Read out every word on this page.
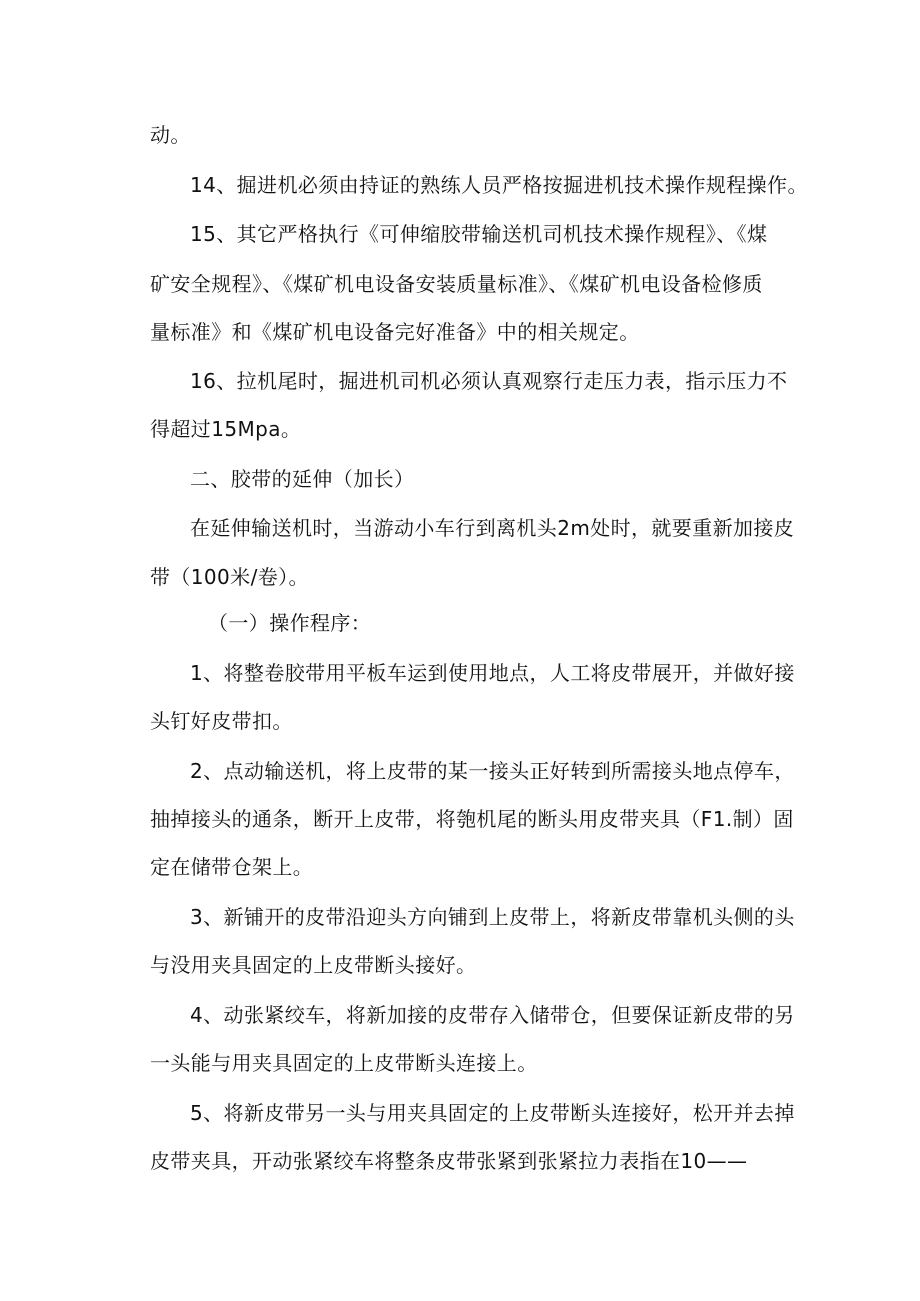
动。
14、掘进机必须由持证的熟练人员严格按掘进机技术操作规程操作。
15、其它严格执行《可伸缩胶带输送机司机技术操作规程》、《煤
矿安全规程》、《煤矿机电设备安装质量标准》、《煤矿机电设备检修质
量标准》和《煤矿机电设备完好准备》中的相关规定。
16、拉机尾时，掘进机司机必须认真观察行走压力表，指示压力不
得超过15Mpa。
二、胶带的延伸（加长）
在延伸输送机时，当游动小车行到离机头2m处时，就要重新加接皮
带（100米/卷）。
（一）操作程序：
1、将整卷胶带用平板车运到使用地点，人工将皮带展开，并做好接
头钉好皮带扣。
2、点动输送机，将上皮带的某一接头正好转到所需接头地点停车，
抽掉接头的通条，断开上皮带，将匏机尾的断头用皮带夹具（F1.制）固
定在储带仓架上。
3、新铺开的皮带沿迎头方向铺到上皮带上，将新皮带靠机头侧的头
与没用夹具固定的上皮带断头接好。
4、动张紧绞车，将新加接的皮带存入储带仓，但要保证新皮带的另
一头能与用夹具固定的上皮带断头连接上。
5、将新皮带另一头与用夹具固定的上皮带断头连接好，松开并去掉
皮带夹具，开动张紧绞车将整条皮带张紧到张紧拉力表指在10——
